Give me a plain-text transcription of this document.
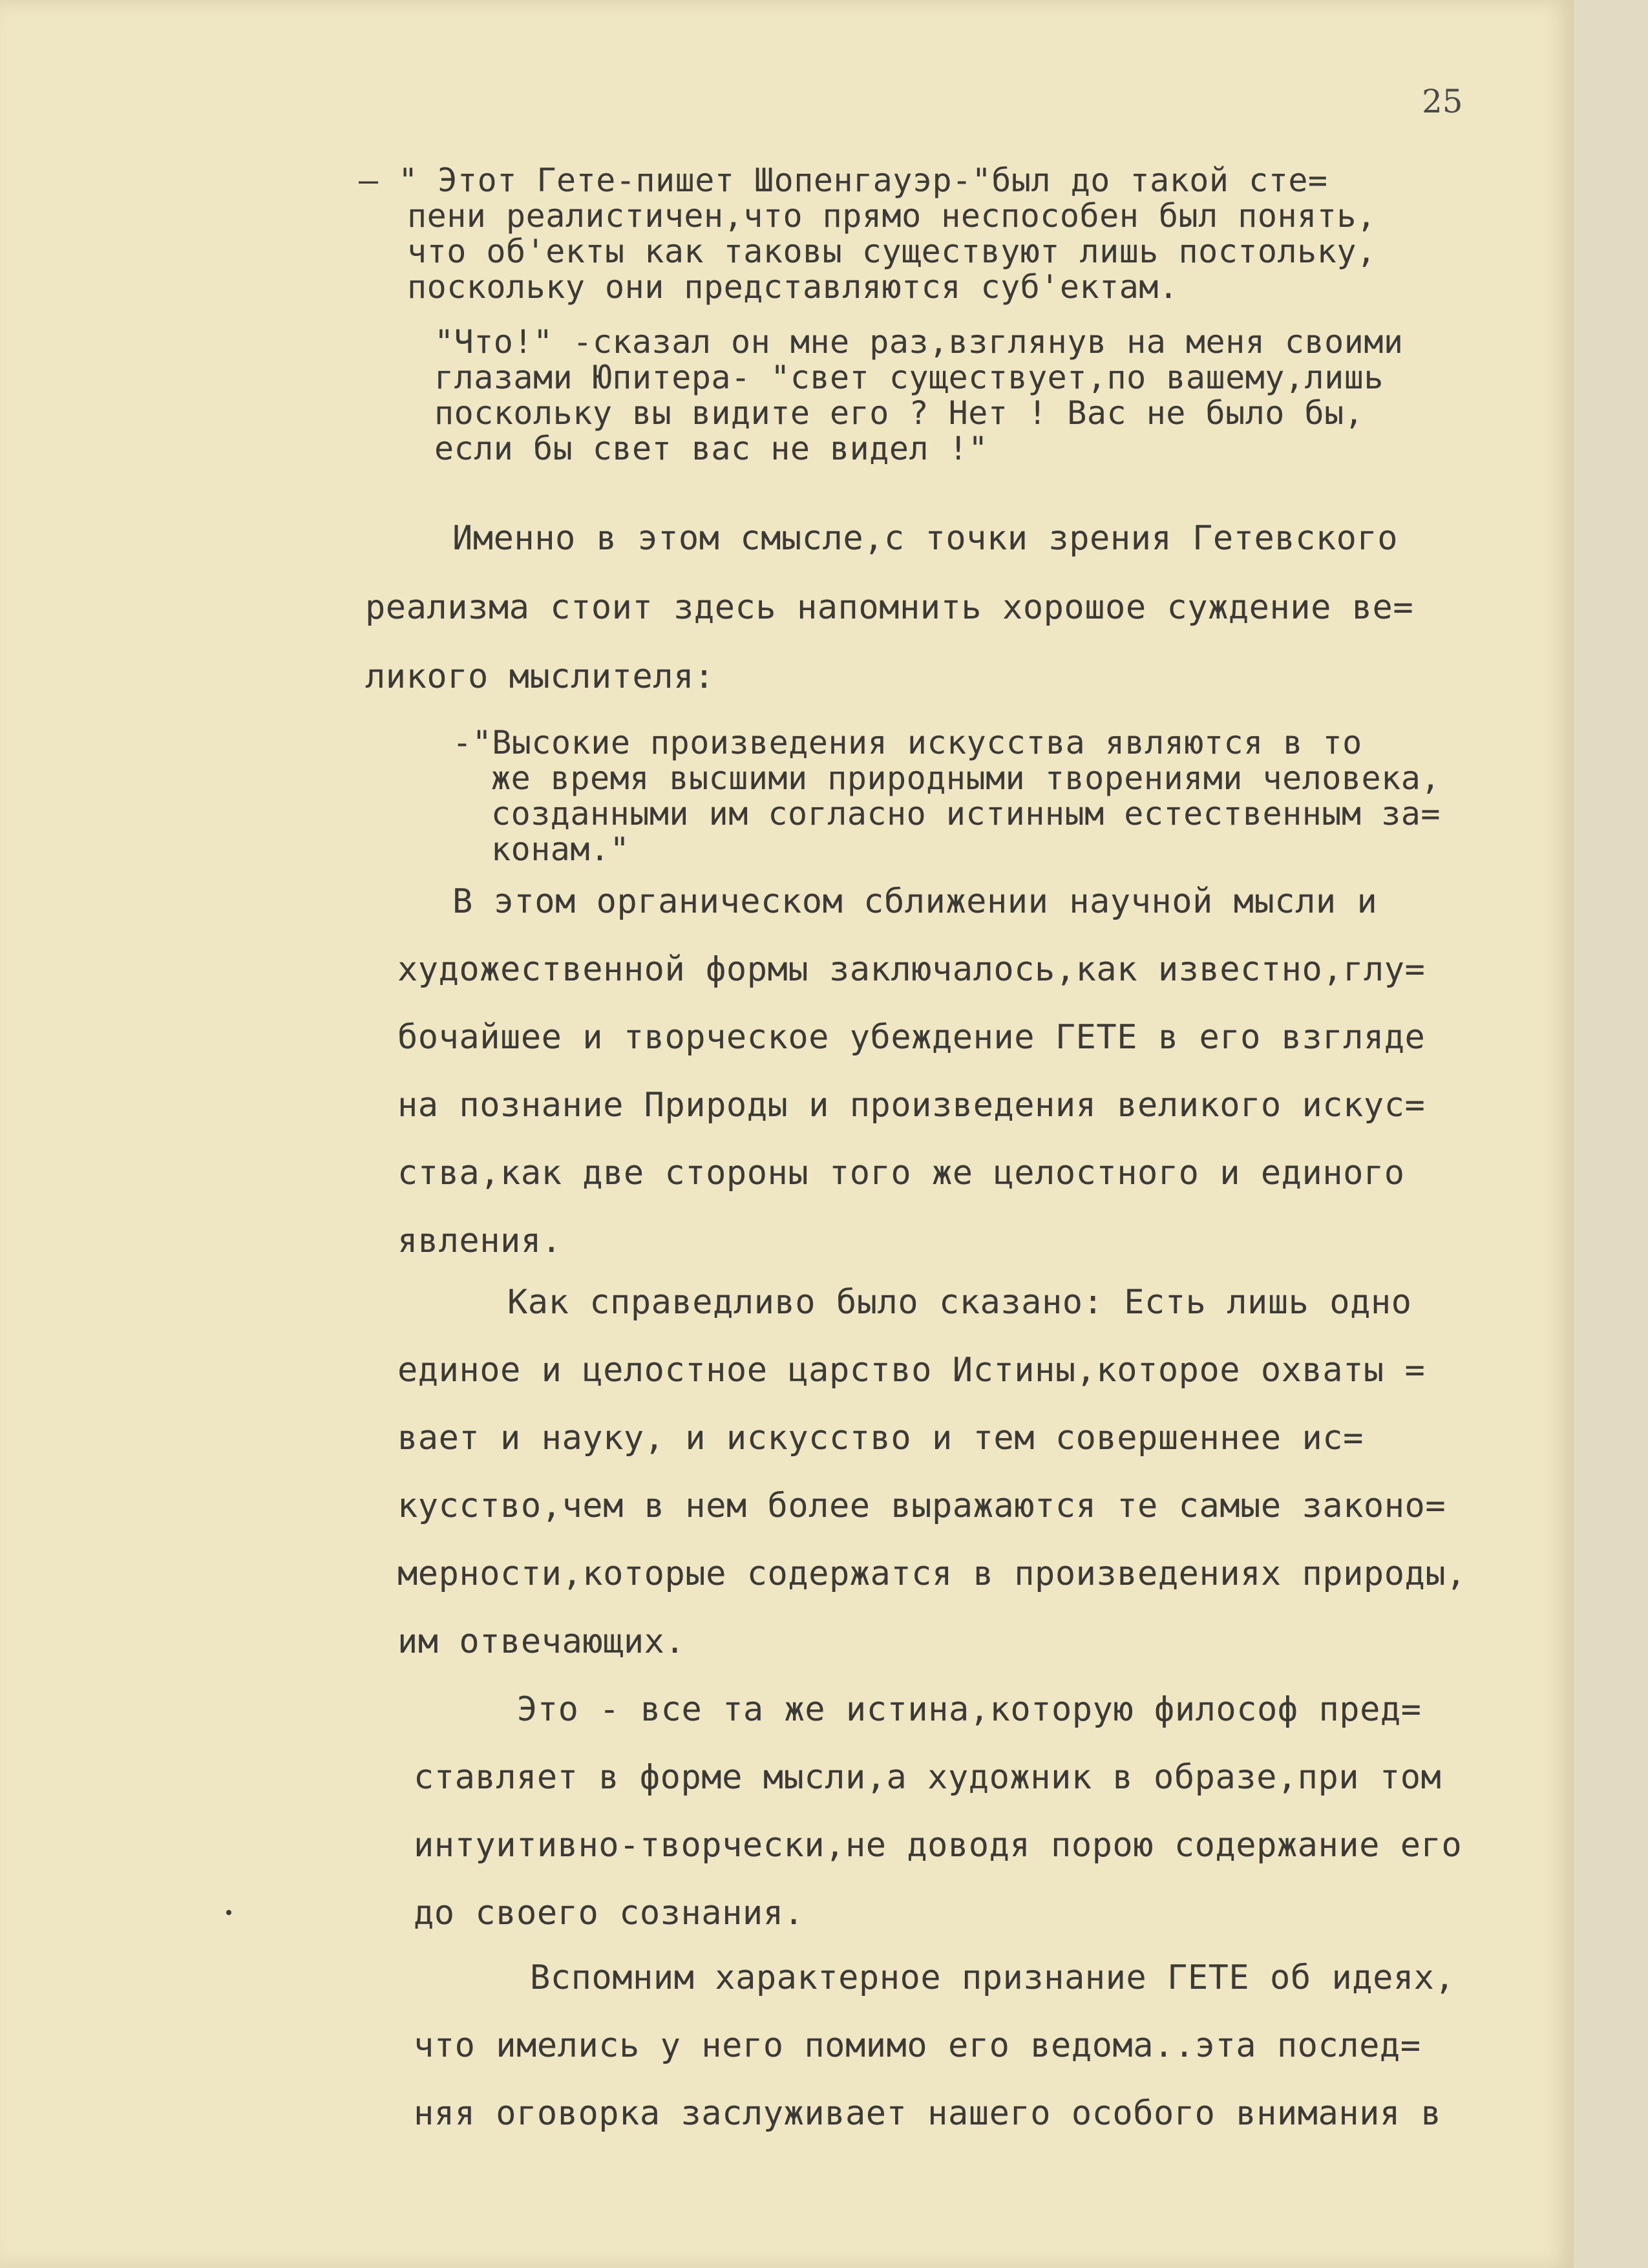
25
– " Этот Гете-пишет Шопенгауэр-"был до такой сте=
пени реалистичен,что прямо неспособен был понять,
что об'екты как таковы существуют лишь постольку,
поскольку они представляются суб'ектам.
"Что!" -сказал он мне раз,взглянув на меня своими
глазами Юпитера- "свет существует,по вашему,лишь
поскольку вы видите его ? Нет ! Вас не было бы,
если бы свет вас не видел !"
Именно в этом смысле,с точки зрения Гетевского
реализма стоит здесь напомнить хорошое суждение ве=
ликого мыслителя:
-"Высокие произведения искусства являются в то
же время высшими природными творениями человека,
созданными им согласно истинным естественным за=
конам."
В этом органическом сближении научной мысли и
художественной формы заключалось,как известно,глу=
бочайшее и творческое убеждение ГЕТЕ в его взгляде
на познание Природы и произведения великого искус=
ства,как две стороны того же целостного и единого
явления.
Как справедливо было сказано: Есть лишь одно
единое и целостное царство Истины,которое охваты =
вает и науку, и искусство и тем совершеннее ис=
кусство,чем в нем более выражаются те самые законо=
мерности,которые содержатся в произведениях природы,
им отвечающих.
Это - все та же истина,которую философ пред=
ставляет в форме мысли,а художник в образе,при том
интуитивно-творчески,не доводя порою содержание его
до своего сознания.
Вспомним характерное признание ГЕТЕ об идеях,
что имелись у него помимо его ведома..эта послед=
няя оговорка заслуживает нашего особого внимания в
